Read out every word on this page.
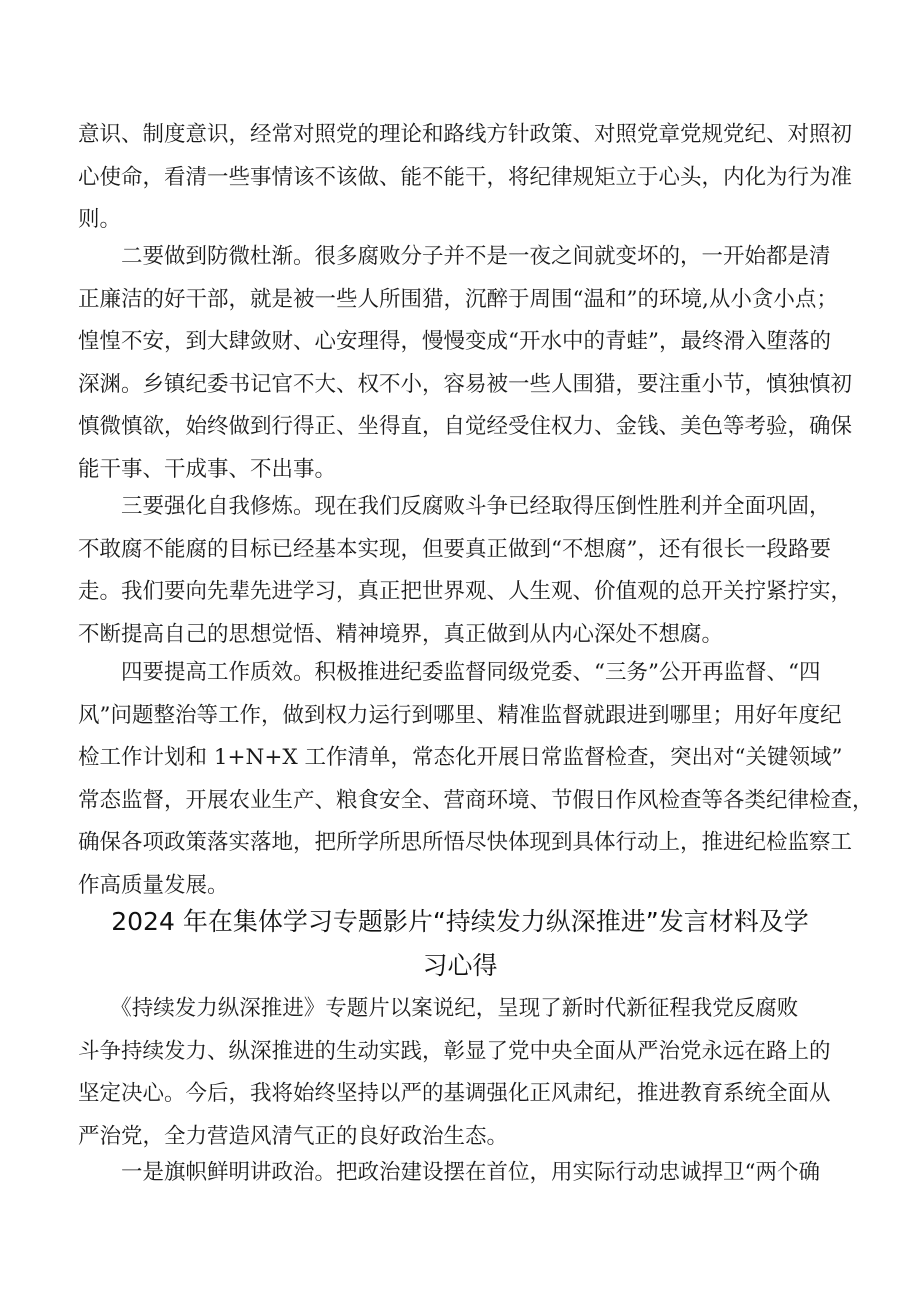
意识、制度意识，经常对照党的理论和路线方针政策、对照党章党规党纪、对照初
心使命，看清一些事情该不该做、能不能干，将纪律规矩立于心头，内化为行为准
则。
　　二要做到防微杜渐。很多腐败分子并不是一夜之间就变坏的，一开始都是清
正廉洁的好干部，就是被一些人所围猎，沉醉于周围“温和”的环境,从小贪小点；
惶惶不安，到大肆敛财、心安理得，慢慢变成“开水中的青蛙”，最终滑入堕落的
深渊。乡镇纪委书记官不大、权不小，容易被一些人围猎，要注重小节，慎独慎初
慎微慎欲，始终做到行得正、坐得直，自觉经受住权力、金钱、美色等考验，确保
能干事、干成事、不出事。
　　三要强化自我修炼。现在我们反腐败斗争已经取得压倒性胜利并全面巩固，
不敢腐不能腐的目标已经基本实现，但要真正做到“不想腐”，还有很长一段路要
走。我们要向先辈先进学习，真正把世界观、人生观、价值观的总开关拧紧拧实，
不断提高自己的思想觉悟、精神境界，真正做到从内心深处不想腐。
　　四要提高工作质效。积极推进纪委监督同级党委、“三务”公开再监督、“四
风”问题整治等工作，做到权力运行到哪里、精准监督就跟进到哪里；用好年度纪
检工作计划和 1+N+X 工作清单，常态化开展日常监督检查，突出对“关键领域”
常态监督，开展农业生产、粮食安全、营商环境、节假日作风检查等各类纪律检查，
确保各项政策落实落地，把所学所思所悟尽快体现到具体行动上，推进纪检监察工
作高质量发展。
2024 年在集体学习专题影片“持续发力纵深推进”发言材料及学
习心得
　　《持续发力纵深推进》专题片以案说纪，呈现了新时代新征程我党反腐败
斗争持续发力、纵深推进的生动实践，彰显了党中央全面从严治党永远在路上的
坚定决心。今后，我将始终坚持以严的基调强化正风肃纪，推进教育系统全面从
严治党，全力营造风清气正的良好政治生态。
　　一是旗帜鲜明讲政治。把政治建设摆在首位，用实际行动忠诚捍卫“两个确
